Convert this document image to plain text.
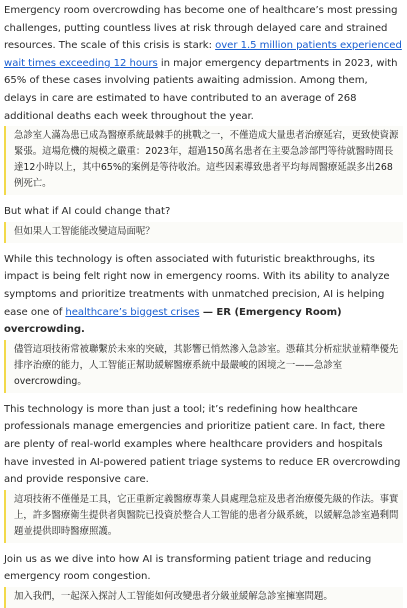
Emergency room overcrowding has become one of healthcare’s most pressing challenges, putting countless lives at risk through delayed care and strained resources. The scale of this crisis is stark: over 1.5 million patients experienced wait times exceeding 12 hours in major emergency departments in 2023, with 65% of these cases involving patients awaiting admission. Among them, delays in care are estimated to have contributed to an average of 268 additional deaths each week throughout the year.

急診室人滿為患已成為醫療系統最棘手的挑戰之一，不僅造成大量患者治療延宕，更致使資源緊張。這場危機的規模之嚴重：2023年，超過150萬名患者在主要急診部門等待就醫時間長達12小時以上，其中65%的案例是等待收治。這些因素導致患者平均每周醫療延誤多出268例死亡。

But what if AI could change that?

但如果人工智能能改變這局面呢？

While this technology is often associated with futuristic breakthroughs, its impact is being felt right now in emergency rooms. With its ability to analyze symptoms and prioritize treatments with unmatched precision, AI is helping ease one of healthcare’s biggest crises — ER (Emergency Room) overcrowding.

儘管這項技術常被聯繫於未來的突破，其影響已悄然滲入急診室。憑藉其分析症狀並精準優先排序治療的能力，人工智能正幫助緩解醫療系統中最嚴峻的困境之一——急診室 overcrowding。

This technology is more than just a tool; it’s redefining how healthcare professionals manage emergencies and prioritize patient care. In fact, there are plenty of real-world examples where healthcare providers and hospitals have invested in AI-powered patient triage systems to reduce ER overcrowding and provide responsive care.

這項技術不僅僅是工具，它正重新定義醫療專業人員處理急症及患者治療優先級的作法。事實上，許多醫療衛生提供者與醫院已投資於整合人工智能的患者分級系統，以緩解急診室過剩問題並提供即時醫療照護。

Join us as we dive into how AI is transforming patient triage and reducing emergency room congestion.

加入我們，一起深入探討人工智能如何改變患者分級並緩解急診室擁塞問題。
